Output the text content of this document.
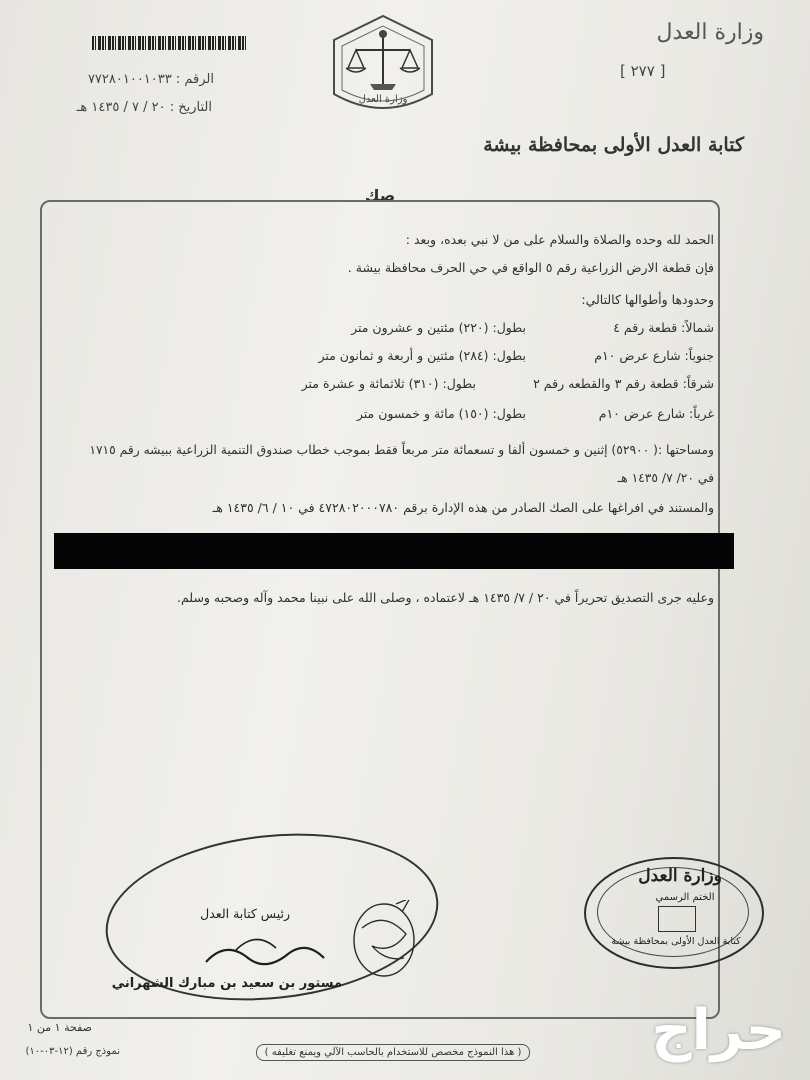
الرقم : ٧٧٢٨٠١٠٠١٠٣٣
التاريخ : ٢٠ / ٧ / ١٤٣٥ هـ
وزارة العدل
وزارة العدل
[ ٢٧٧ ]
كتابة العدل الأولى بمحافظة بيشة
صك
الحمد لله وحده والصلاة والسلام على من لا نبي بعده، وبعد :
فإن قطعة الارض الزراعية رقم ٥ الواقع في حي الحرف محافظة بيشة .
وحدودها وأطوالها كالتالي:
شمالاً: قطعة رقم ٤
بطول: (٢٢٠) مئتين و عشرون متر
جنوباً: شارع عرض ١٠م
بطول: (٢٨٤) مئتين و أربعة و ثمانون متر
شرقاً: قطعة رقم ٣ والقطعه رقم ٢
بطول: (٣١٠) ثلاثمائة و عشرة متر
غرباً: شارع عرض ١٠م
بطول: (١٥٠) مائة و خمسون متر
ومساحتها :( ٥٢٩٠٠) إثنين و خمسون ألفا و تسعمائة متر مربعاً فقط بموجب خطاب صندوق التنمية الزراعية ببيشه رقم ١٧١٥
في ٢٠/ ٧/ ١٤٣٥ هـ
والمستند في افراغها على الصك الصادر من هذه الإدارة برقم ٤٧٢٨٠٢٠٠٠٧٨٠ في ١٠ / ٦/ ١٤٣٥ هـ
وعليه جرى التصديق تحريراً في ٢٠ / ٧/ ١٤٣٥ هـ لاعتماده ، وصلى الله على نبينا محمد وآله وصحبه وسلم.
رئيس كتابة العدل
مستور بن سعيد بن مبارك الشهراني
وزارة العدل
الختم الرسمي
كتابة العدل الأولى بمحافظة بيشة
صفحة ١ من ١
نموذج رقم (١٢-٠٣-١٠)	( هذا النموذج مخصص للاستخدام بالحاسب الآلي ويمنع تغليفه )	حراج
